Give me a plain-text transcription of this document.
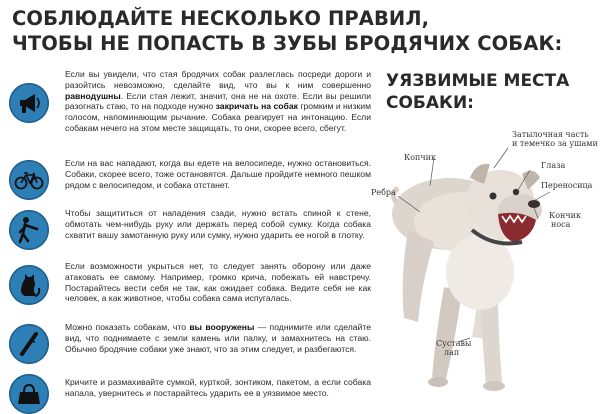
СОБЛЮДАЙТЕ НЕСКОЛЬКО ПРАВИЛ,
ЧТОБЫ НЕ ПОПАСТЬ В ЗУБЫ БРОДЯЧИХ СОБАК:
Если вы увидели, что стая бродячих собак разлеглась посреди дороги и разойтись невозможно, сделайте вид, что вы к ним совершенно равнодушны. Если стая лежит, значит, она не на охоте. Если вы решили разогнать стаю, то на подходе нужно закричать на собак громким и низким голосом, напоминающим рычание. Собака реагирует на интонацию. Если собакам нечего на этом месте защищать, то они, скорее всего, сбегут.
Если на вас нападают, когда вы едете на велосипеде, нужно остановиться. Собаки, скорее всего, тоже остановятся. Дальше пройдите немного пешком рядом с велосипедом, и собака отстанет.
Чтобы защититься от нападения сзади, нужно встать спиной к стене, обмотать чем-нибудь руку или держать перед собой сумку. Когда собака схватит вашу замотанную руку или сумку, нужно ударить ее ногой в глотку.
Если возможности укрыться нет, то следует занять оборону или даже атаковать ее самому. Например, громко крича, побежать ей навстречу. Постарайтесь вести себя не так, как ожидает собака. Ведите себя не как человек, а как животное, чтобы собака сама испугалась.
Можно показать собакам, что вы вооружены — поднимите или сделайте вид, что поднимаете с земли камень или палку, и замахнитесь на стаю. Обычно бродячие собаки уже знают, что за этим следует, и разбегаются.
Кричите и размахивайте сумкой, курткой, зонтиком, пакетом, а если собака напала, увернитесь и постарайтесь ударить ее в уязвимое место.
УЯЗВИМЫЕ МЕСТА
СОБАКИ:
Затылочная часть
и темечко за ушами
Копчик
Глаза
Ребра
Переносица
Кончик
носа
Суставы
лап
